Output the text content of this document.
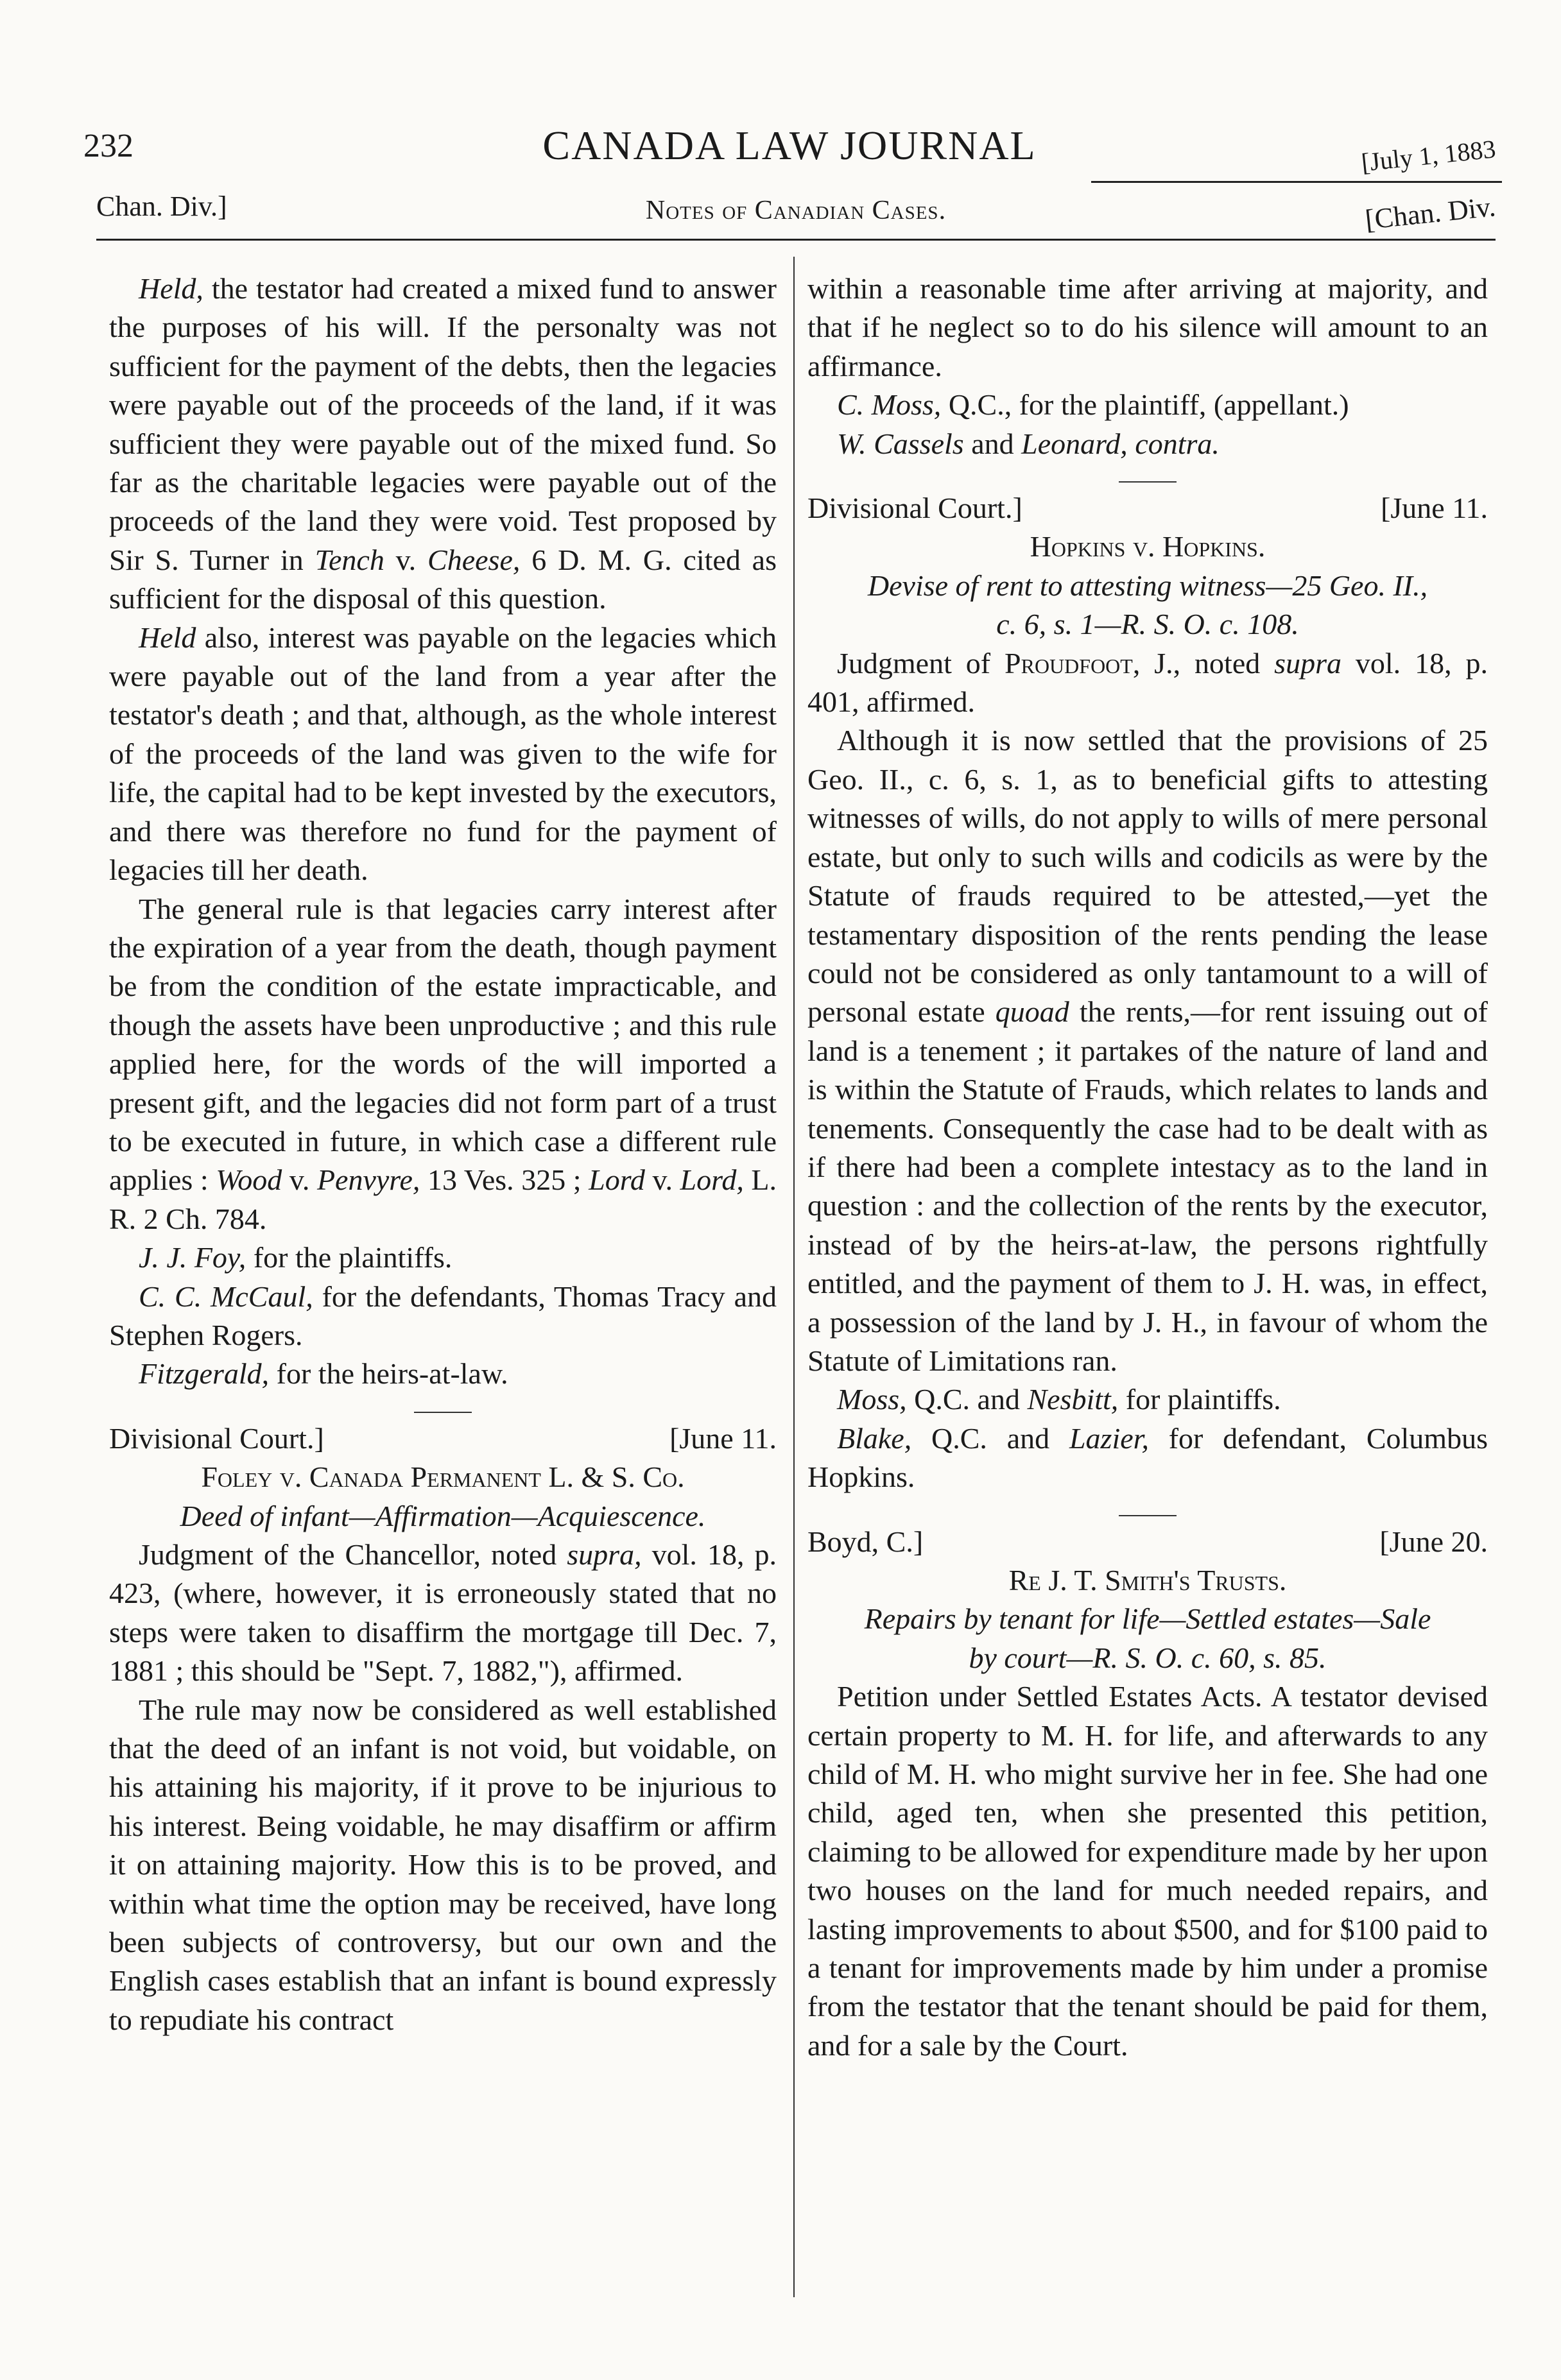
232	CANADA LAW JOURNAL	[July 1, 1883
Chan. Div.]	Notes of Canadian Cases.	[Chan. Div.

Held, the testator had created a mixed fund to answer the purposes of his will. If the personalty was not sufficient for the payment of the debts, then the legacies were payable out of the proceeds of the land, if it was sufficient they were payable out of the mixed fund. So far as the charitable legacies were payable out of the proceeds of the land they were void. Test proposed by Sir S. Turner in Tench v. Cheese, 6 D. M. G. cited as sufficient for the disposal of this question.

Held also, interest was payable on the legacies which were payable out of the land from a year after the testator's death ; and that, although, as the whole interest of the proceeds of the land was given to the wife for life, the capital had to be kept invested by the executors, and there was therefore no fund for the payment of legacies till her death.

The general rule is that legacies carry interest after the expiration of a year from the death, though payment be from the condition of the estate impracticable, and though the assets have been unproductive ; and this rule applied here, for the words of the will imported a present gift, and the legacies did not form part of a trust to be executed in future, in which case a different rule applies : Wood v. Penvyre, 13 Ves. 325 ; Lord v. Lord, L. R. 2 Ch. 784.

J. J. Foy, for the plaintiffs.

C. C. McCaul, for the defendants, Thomas Tracy and Stephen Rogers.

Fitzgerald, for the heirs-at-law.

Divisional Court.]	[June 11.
Foley v. Canada Permanent L. & S. Co.
Deed of infant—Affirmation—Acquiescence.

Judgment of the Chancellor, noted supra, vol. 18, p. 423, (where, however, it is erroneously stated that no steps were taken to disaffirm the mortgage till Dec. 7, 1881 ; this should be "Sept. 7, 1882,"), affirmed.

The rule may now be considered as well established that the deed of an infant is not void, but voidable, on his attaining his majority, if it prove to be injurious to his interest. Being voidable, he may disaffirm or affirm it on attaining majority. How this is to be proved, and within what time the option may be received, have long been subjects of controversy, but our own and the English cases establish that an infant is bound expressly to repudiate his contract

within a reasonable time after arriving at majority, and that if he neglect so to do his silence will amount to an affirmance.

C. Moss, Q.C., for the plaintiff, (appellant.)

W. Cassels and Leonard, contra.

Divisional Court.]	[June 11.
Hopkins v. Hopkins.
Devise of rent to attesting witness—25 Geo. II.,
c. 6, s. 1—R. S. O. c. 108.

Judgment of Proudfoot, J., noted supra vol. 18, p. 401, affirmed.

Although it is now settled that the provisions of 25 Geo. II., c. 6, s. 1, as to beneficial gifts to attesting witnesses of wills, do not apply to wills of mere personal estate, but only to such wills and codicils as were by the Statute of frauds required to be attested,—yet the testamentary disposition of the rents pending the lease could not be considered as only tantamount to a will of personal estate quoad the rents,—for rent issuing out of land is a tenement ; it partakes of the nature of land and is within the Statute of Frauds, which relates to lands and tenements. Consequently the case had to be dealt with as if there had been a complete intestacy as to the land in question : and the collection of the rents by the executor, instead of by the heirs-at-law, the persons rightfully entitled, and the payment of them to J. H. was, in effect, a possession of the land by J. H., in favour of whom the Statute of Limitations ran.

Moss, Q.C. and Nesbitt, for plaintiffs.

Blake, Q.C. and Lazier, for defendant, Columbus Hopkins.

Boyd, C.]	[June 20.
Re J. T. Smith's Trusts.
Repairs by tenant for life—Settled estates—Sale
by court—R. S. O. c. 60, s. 85.

Petition under Settled Estates Acts. A testator devised certain property to M. H. for life, and afterwards to any child of M. H. who might survive her in fee. She had one child, aged ten, when she presented this petition, claiming to be allowed for expenditure made by her upon two houses on the land for much needed repairs, and lasting improvements to about $500, and for $100 paid to a tenant for improvements made by him under a promise from the testator that the tenant should be paid for them, and for a sale by the Court.
